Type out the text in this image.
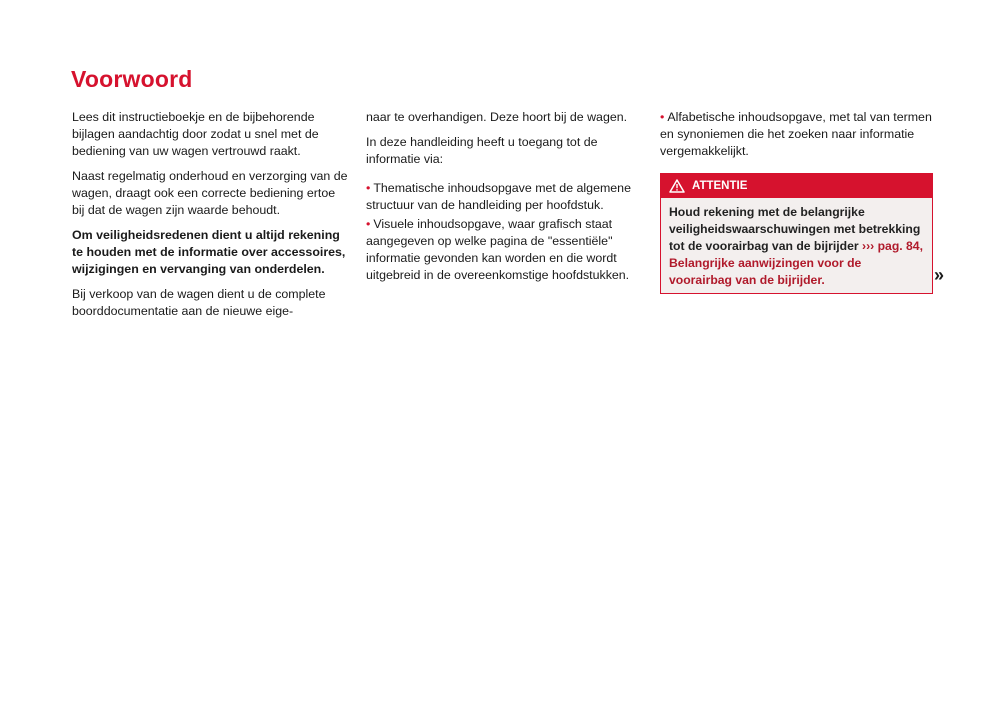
Voorwoord

Lees dit instructieboekje en de bijbehorende bijlagen aandachtig door zodat u snel met de bediening van uw wagen vertrouwd raakt.

Naast regelmatig onderhoud en verzorging van de wagen, draagt ook een correcte bediening ertoe bij dat de wagen zijn waarde behoudt.

Om veiligheidsredenen dient u altijd rekening te houden met de informatie over accessoires, wijzigingen en vervanging van onderdelen.

Bij verkoop van de wagen dient u de complete boorddocumentatie aan de nieuwe eige-

naar te overhandigen. Deze hoort bij de wagen.

In deze handleiding heeft u toegang tot de informatie via:

• Thematische inhoudsopgave met de algemene structuur van de handleiding per hoofdstuk.

• Visuele inhoudsopgave, waar grafisch staat aangegeven op welke pagina de "essentiële" informatie gevonden kan worden en die wordt uitgebreid in de overeenkomstige hoofdstukken.

• Alfabetische inhoudsopgave, met tal van termen en synoniemen die het zoeken naar informatie vergemakkelijkt.

ATTENTIE
Houd rekening met de belangrijke veiligheidswaarschuwingen met betrekking tot de voorairbag van de bijrijder ››› pag. 84, Belangrijke aanwijzingen voor de voorairbag van de bijrijder.	»
